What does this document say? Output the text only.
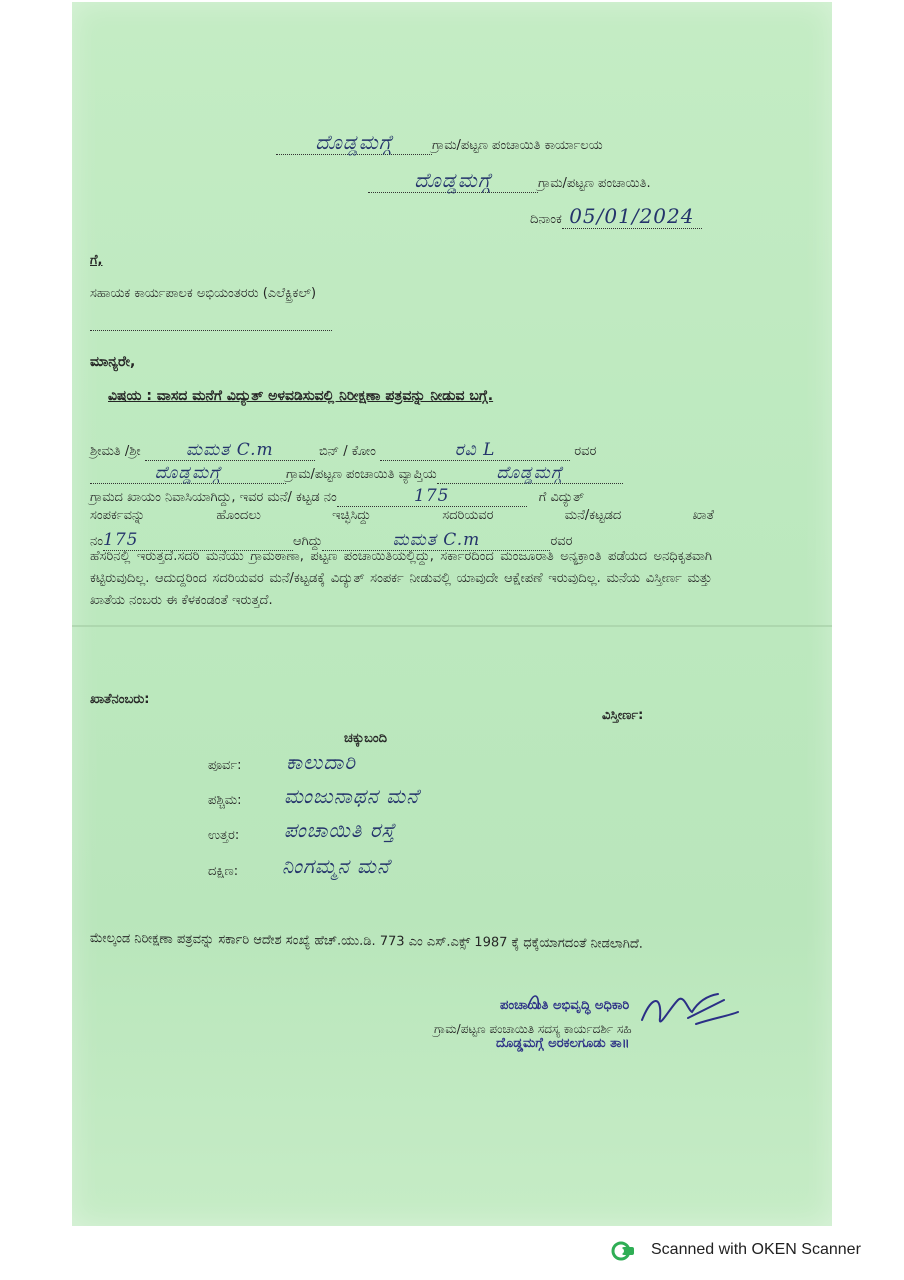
ದೊಡ್ಡಮಗ್ಗೆ	ಗ್ರಾಮ/ಪಟ್ಟಣ ಪಂಚಾಯಿತಿ ಕಾರ್ಯಾಲಯ
ದೊಡ್ಡಮಗ್ಗೆ	ಗ್ರಾಮ/ಪಟ್ಟಣ ಪಂಚಾಯಿತಿ.
ದಿನಾಂಕ 05/01/2024
ಗೆ,
ಸಹಾಯಕ ಕಾರ್ಯಪಾಲಕ ಅಭಿಯಂತರರು (ಎಲೆಕ್ಟ್ರಿಕಲ್)
ಮಾನ್ಯರೇ,
ವಿಷಯ : ವಾಸದ ಮನೆಗೆ ವಿದ್ಯುತ್ ಅಳವಡಿಸುವಲ್ಲಿ ನಿರೀಕ್ಷಣಾ ಪತ್ರವನ್ನು ನೀಡುವ ಬಗ್ಗೆ.
ಶ್ರೀಮತಿ /ಶ್ರೀ	ಮಮತ C.m	ಬಿನ್ / ಕೋಂ	ರವಿ L	ರವರ
ದೊಡ್ಡಮಗ್ಗೆ	ಗ್ರಾಮ/ಪಟ್ಟಣ ಪಂಚಾಯಿತಿ ವ್ಯಾಪ್ತಿಯ	ದೊಡ್ಡಮಗ್ಗೆ
ಗ್ರಾಮದ ಖಾಯಂ ನಿವಾಸಿಯಾಗಿದ್ದು, ಇವರ ಮನೆ/ ಕಟ್ಟಡ ನಂ	175	ಗೆ ವಿದ್ಯುತ್
ಸಂಪರ್ಕವನ್ನು ಹೊಂದಲು ಇಚ್ಛಿಸಿದ್ದು ಸದರಿಯವರ ಮನೆ/ಕಟ್ಟಡದ ಖಾತೆ
ನಂ175	ಆಗಿದ್ದು	ಮಮತ C.m	ರವರ
ಹೆಸರಿನಲ್ಲಿ ಇರುತ್ತದೆ.ಸದರಿ ಮನೆಯು ಗ್ರಾಮಠಾಣಾ, ಪಟ್ಟಣ ಪಂಚಾಯಿತಿಯಲ್ಲಿದ್ದು, ಸರ್ಕಾರದಿಂದ ಮಂಜೂರಾತಿ ಅನ್ಯಕ್ರಾಂತಿ ಪಡೆಯದ ಅನಧಿಕೃತವಾಗಿ ಕಟ್ಟಿರುವುದಿಲ್ಲ. ಆದುದ್ದರಿಂದ ಸದರಿಯವರ ಮನೆ/ಕಟ್ಟಡಕ್ಕೆ ವಿದ್ಯುತ್ ಸಂಪರ್ಕ ನೀಡುವಲ್ಲಿ ಯಾವುದೇ ಆಕ್ಷೇಪಣೆ ಇರುವುದಿಲ್ಲ. ಮನೆಯ ವಿಸ್ತೀರ್ಣ ಮತ್ತು ಖಾತೆಯ ನಂಬರು ಈ ಕೆಳಕಂಡಂತೆ ಇರುತ್ತದೆ.
ಖಾತೆನಂಬರು:
ವಿಸ್ತೀರ್ಣ:
ಚಕ್ಕುಬಂದಿ
ಪೂರ್ವ: ಕಾಲುದಾರಿ
ಪಶ್ಚಿಮ: ಮಂಜುನಾಥನ ಮನೆ
ಉತ್ತರ: ಪಂಚಾಯಿತಿ ರಸ್ತೆ
ದಕ್ಷಿಣ: ನಿಂಗಮ್ಮನ ಮನೆ
ಮೇಲ್ಕಂಡ ನಿರೀಕ್ಷಣಾ ಪತ್ರವನ್ನು ಸರ್ಕಾರಿ ಆದೇಶ ಸಂಖ್ಯೆ ಹೆಚ್.ಯು.ಡಿ. 773 ಎಂ ಎಸ್.ಎಕ್ಸ್ 1987 ಕ್ಕೆ ಧಕ್ಕೆಯಾಗದಂತೆ ನೀಡಲಾಗಿದೆ.
ಪಂಚಾಯಿತಿ ಅಭಿವೃದ್ಧಿ ಅಧಿಕಾರಿ
ದೊಡ್ಡಮಗ್ಗೆ ಅರಕಲಗೂಡು ತಾ॥
ಗ್ರಾಮ/ಪಟ್ಟಣ ಪಂಚಾಯಿತಿ ಸದಸ್ಯ ಕಾರ್ಯದರ್ಶಿ ಸಹಿ
Scanned with OKEN Scanner
